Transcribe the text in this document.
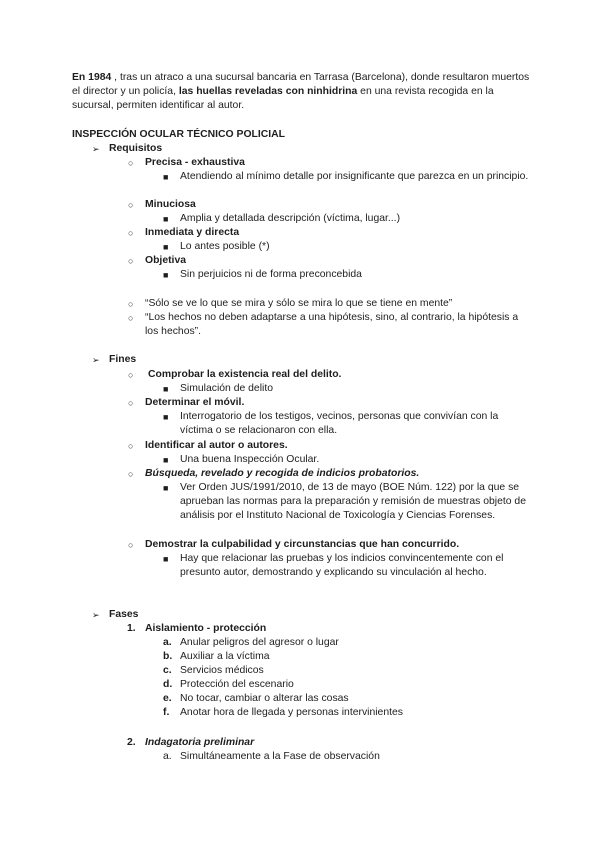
En 1984 , tras un atraco a una sucursal bancaria en Tarrasa (Barcelona), donde resultaron muertos el director y un policía, las huellas reveladas con ninhidrina en una revista recogida en la sucursal, permiten identificar al autor.

INSPECCIÓN OCULAR TÉCNICO POLICIAL
➢ Requisitos
○ Precisa - exhaustiva
■ Atendiendo al mínimo detalle por insignificante que parezca en un principio.
○ Minuciosa
■ Amplia y detallada descripción (víctima, lugar...)
○ Inmediata y directa
■ Lo antes posible (*)
○ Objetiva
■ Sin perjuicios ni de forma preconcebida
○ “Sólo se ve lo que se mira y sólo se mira lo que se tiene en mente”
○ “Los hechos no deben adaptarse a una hipótesis, sino, al contrario, la hipótesis a los hechos”.
➢ Fines
○ Comprobar la existencia real del delito.
■ Simulación de delito
○ Determinar el móvil.
■ Interrogatorio de los testigos, vecinos, personas que convivían con la víctima o se relacionaron con ella.
○ Identificar al autor o autores.
■ Una buena Inspección Ocular.
○ Búsqueda, revelado y recogida de indicios probatorios.
■ Ver Orden JUS/1991/2010, de 13 de mayo (BOE Núm. 122) por la que se aprueban las normas para la preparación y remisión de muestras objeto de análisis por el Instituto Nacional de Toxicología y Ciencias Forenses.
○ Demostrar la culpabilidad y circunstancias que han concurrido.
■ Hay que relacionar las pruebas y los indicios convincentemente con el presunto autor, demostrando y explicando su vinculación al hecho.
➢ Fases
1. Aislamiento - protección
a. Anular peligros del agresor o lugar
b. Auxiliar a la víctima
c. Servicios médicos
d. Protección del escenario
e. No tocar, cambiar o alterar las cosas
f. Anotar hora de llegada y personas intervinientes
2. Indagatoria preliminar
a. Simultáneamente a la Fase de observación
